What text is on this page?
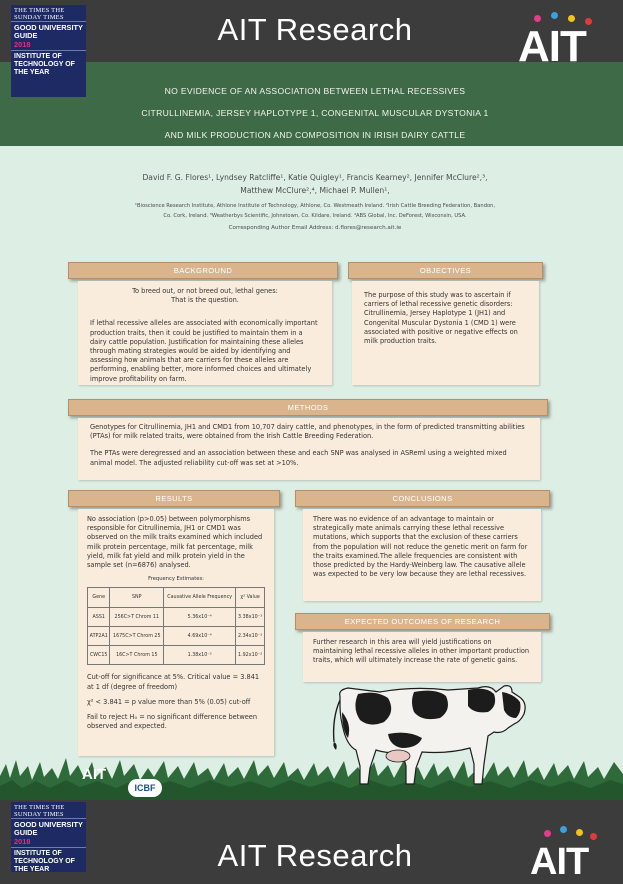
THE TIMES THE SUNDAY TIMES
GOOD UNIVERSITY GUIDE
2018
INSTITUTE OF TECHNOLOGY OF THE YEAR
AIT Research AIT
NO EVIDENCE OF AN ASSOCIATION BETWEEN LETHAL RECESSIVES
CITRULLINEMIA, JERSEY HAPLOTYPE 1, CONGENITAL MUSCULAR DYSTONIA 1
AND MILK PRODUCTION AND COMPOSITION IN IRISH DAIRY CATTLE
David F. G. Flores¹, Lyndsey Ratcliffe¹, Katie Quigley¹, Francis Kearney², Jennifer McClure²,³,
Matthew McClure²,⁴, Michael P. Mullen¹,
¹Bioscience Research Institute, Athlone Institute of Technology, Athlone, Co. Westmeath Ireland. ²Irish Cattle Breeding Federation, Bandon,
Co. Cork, Ireland. ³Weatherbys Scientific, Johnstown, Co. Kildare, Ireland. ⁴ABS Global, Inc. DeForest, Wisconsin, USA.
Corresponding Author Email Address: d.flores@research.ait.ie
BACKGROUND

To breed out, or not breed out, lethal genes:
That is the question.

If lethal recessive alleles are associated with economically important production traits, then it could be justified to maintain them in a dairy cattle population. Justification for maintaining these alleles through mating strategies would be aided by identifying and assessing how animals that are carriers for these alleles are performing, enabling better, more informed choices and ultimately improve profitability on farm.

OBJECTIVES

The purpose of this study was to ascertain if carriers of lethal recessive genetic disorders: Citrullinemia, Jersey Haplotype 1 (JH1) and Congenital Muscular Dystonia 1 (CMD 1) were associated with positive or negative effects on milk production traits.

METHODS

Genotypes for Citrullinemia, JH1 and CMD1 from 10,707 dairy cattle, and phenotypes, in the form of predicted transmitting abilities (PTAs) for milk related traits, were obtained from the Irish Cattle Breeding Federation.

The PTAs were deregressed and an association between these and each SNP was analysed in ASReml using a weighted mixed animal model. The adjusted reliability cut-off was set at >10%.

RESULTS

No association (p>0.05) between polymorphisms responsible for Citrullinemia, JH1 or CMD1 was observed on the milk traits examined which included milk protein percentage, milk fat percentage, milk yield, milk fat yield and milk protein yield in the sample set (n=6876) analysed.

Frequency Estimates:
Gene	SNP	Causative Allele Frequency	χ² Value
ASS1	256C>T Chrom 11	5.36x10⁻⁴	3.38x10⁻³
ATP2A1	1675C>T Chrom 25	4.69x10⁻⁴	2.34x10⁻³
CWC15	16C>T Chrom 15	1.38x10⁻⁵	1.92x10⁻²

Cut-off for significance at 5%. Critical value = 3.841 at 1 df (degree of freedom)

χ² < 3.841 = p value more than 5% (0.05) cut-off

Fail to reject H₀ = no significant difference between observed and expected.

CONCLUSIONS

There was no evidence of an advantage to maintain or strategically mate animals carrying these lethal recessive mutations, which supports that the exclusion of these carriers from the population will not reduce the genetic merit on farm for the traits examined.The allele frequencies are consistent with those predicted by the Hardy-Weinberg law. The causative allele was expected to be very low because they are lethal recessives.

EXPECTED OUTCOMES OF RESEARCH

Further research in this area will yield justifications on maintaining lethal recessive alleles in other important production traits, which will ultimately increase the rate of genetic gains.

AIT
ICBF
THE TIMES THE SUNDAY TIMES
GOOD UNIVERSITY GUIDE
2018
INSTITUTE OF TECHNOLOGY OF THE YEAR	AIT Research	AIT
